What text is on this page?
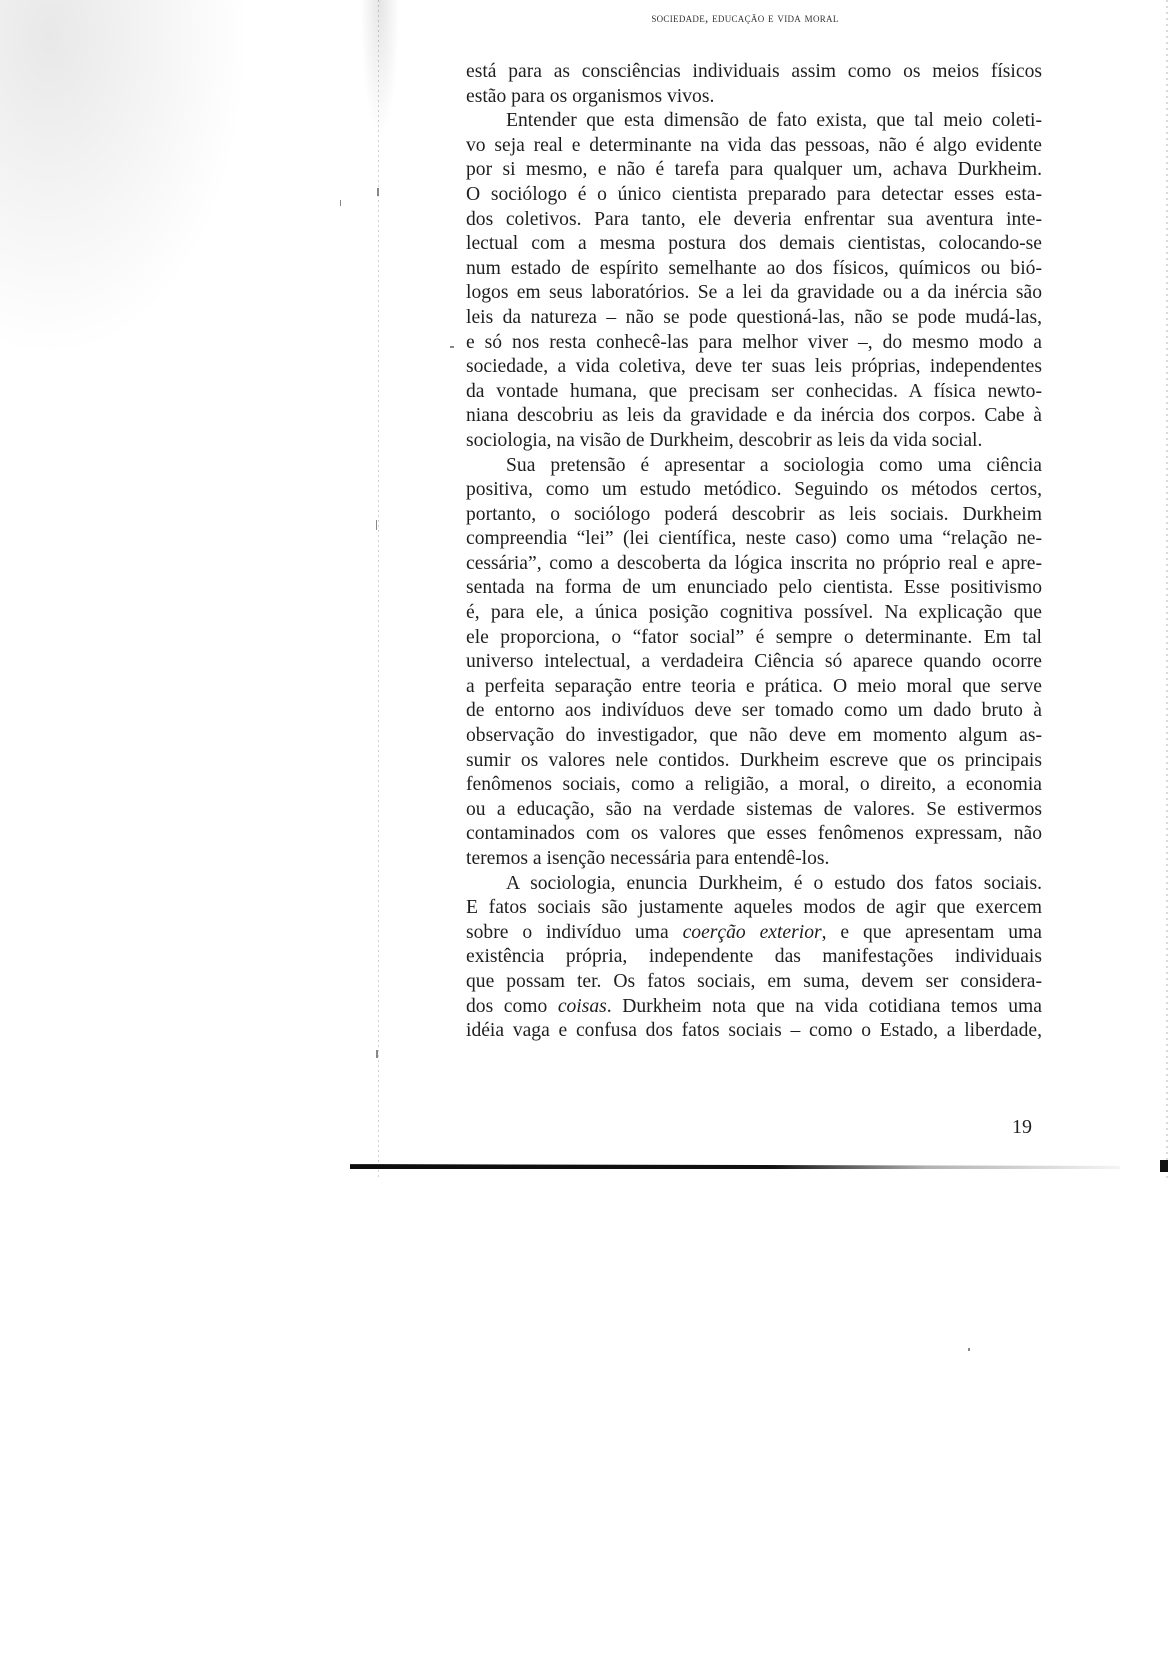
sociedade, educação e vida moral
está para as consciências individuais assim como os meios físicos
estão para os organismos vivos.
Entender que esta dimensão de fato exista, que tal meio coleti-
vo seja real e determinante na vida das pessoas, não é algo evidente
por si mesmo, e não é tarefa para qualquer um, achava Durkheim.
O sociólogo é o único cientista preparado para detectar esses esta-
dos coletivos. Para tanto, ele deveria enfrentar sua aventura inte-
lectual com a mesma postura dos demais cientistas, colocando-se
num estado de espírito semelhante ao dos físicos, químicos ou bió-
logos em seus laboratórios. Se a lei da gravidade ou a da inércia são
leis da natureza – não se pode questioná-las, não se pode mudá-las,
e só nos resta conhecê-las para melhor viver –, do mesmo modo a
sociedade, a vida coletiva, deve ter suas leis próprias, independentes
da vontade humana, que precisam ser conhecidas. A física newto-
niana descobriu as leis da gravidade e da inércia dos corpos. Cabe à
sociologia, na visão de Durkheim, descobrir as leis da vida social.
Sua pretensão é apresentar a sociologia como uma ciência
positiva, como um estudo metódico. Seguindo os métodos certos,
portanto, o sociólogo poderá descobrir as leis sociais. Durkheim
compreendia “lei” (lei científica, neste caso) como uma “relação ne-
cessária”, como a descoberta da lógica inscrita no próprio real e apre-
sentada na forma de um enunciado pelo cientista. Esse positivismo
é, para ele, a única posição cognitiva possível. Na explicação que
ele proporciona, o “fator social” é sempre o determinante. Em tal
universo intelectual, a verdadeira Ciência só aparece quando ocorre
a perfeita separação entre teoria e prática. O meio moral que serve
de entorno aos indivíduos deve ser tomado como um dado bruto à
observação do investigador, que não deve em momento algum as-
sumir os valores nele contidos. Durkheim escreve que os principais
fenômenos sociais, como a religião, a moral, o direito, a economia
ou a educação, são na verdade sistemas de valores. Se estivermos
contaminados com os valores que esses fenômenos expressam, não
teremos a isenção necessária para entendê-los.
A sociologia, enuncia Durkheim, é o estudo dos fatos sociais.
E fatos sociais são justamente aqueles modos de agir que exercem
sobre o indivíduo uma coerção exterior, e que apresentam uma
existência própria, independente das manifestações individuais
que possam ter. Os fatos sociais, em suma, devem ser considera-
dos como coisas. Durkheim nota que na vida cotidiana temos uma
idéia vaga e confusa dos fatos sociais – como o Estado, a liberdade,
19
